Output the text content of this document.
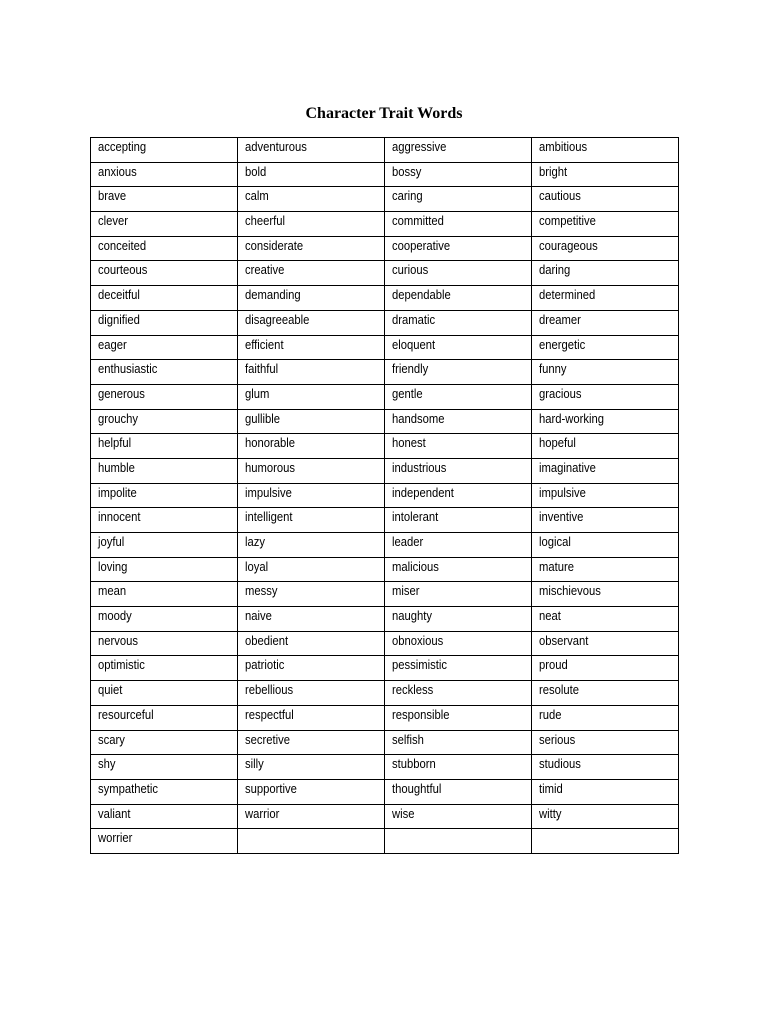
Character Trait Words
accepting	adventurous	aggressive	ambitious
anxious	bold	bossy	bright
brave	calm	caring	cautious
clever	cheerful	committed	competitive
conceited	considerate	cooperative	courageous
courteous	creative	curious	daring
deceitful	demanding	dependable	determined
dignified	disagreeable	dramatic	dreamer
eager	efficient	eloquent	energetic
enthusiastic	faithful	friendly	funny
generous	glum	gentle	gracious
grouchy	gullible	handsome	hard-working
helpful	honorable	honest	hopeful
humble	humorous	industrious	imaginative
impolite	impulsive	independent	impulsive
innocent	intelligent	intolerant	inventive
joyful	lazy	leader	logical
loving	loyal	malicious	mature
mean	messy	miser	mischievous
moody	naive	naughty	neat
nervous	obedient	obnoxious	observant
optimistic	patriotic	pessimistic	proud
quiet	rebellious	reckless	resolute
resourceful	respectful	responsible	rude
scary	secretive	selfish	serious
shy	silly	stubborn	studious
sympathetic	supportive	thoughtful	timid
valiant	warrior	wise	witty
worrier			
